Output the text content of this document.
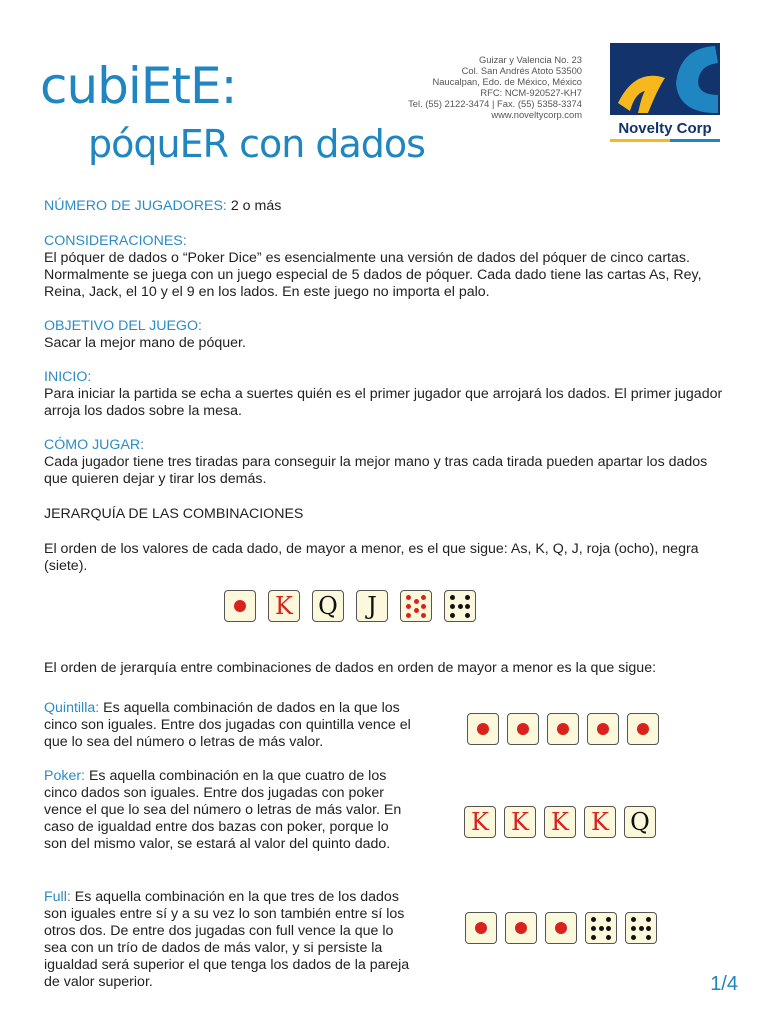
cubiEtE:
póquER con dados
Guizar y Valencia No. 23
Col. San Andrés Atoto 53500
Naucalpan, Edo. de México, México
RFC: NCM-920527-KH7
Tel. (55) 2122-3474 | Fax. (55) 5358-3374
www.noveltycorp.com
Novelty Corp
NÚMERO DE JUGADORES: 2 o más
CONSIDERACIONES:
El póquer de dados o “Poker Dice” es esencialmente una versión de dados del póquer de cinco cartas. Normalmente se juega con un juego especial de 5 dados de póquer. Cada dado tiene las cartas As, Rey, Reina, Jack, el 10 y el 9 en los lados. En este juego no importa el palo.
OBJETIVO DEL JUEGO:
Sacar la mejor mano de póquer.
INICIO:
Para iniciar la partida se echa a suertes quién es el primer jugador que arrojará los dados. El primer jugador arroja los dados sobre la mesa.
CÓMO JUGAR:
Cada jugador tiene tres tiradas para conseguir la mejor mano y tras cada tirada pueden apartar los dados que quieren dejar y tirar los demás.
JERARQUÍA DE LAS COMBINACIONES
El orden de los valores de cada dado, de mayor a menor, es el que sigue: As, K, Q, J, roja (ocho), negra (siete).
K Q	J
El orden de jerarquía entre combinaciones de dados en orden de mayor a menor es la que sigue:
Quintilla: Es aquella combinación de dados en la que los cinco son iguales. Entre dos jugadas con quintilla vence el que lo sea del número o letras de más valor.
Poker: Es aquella combinación en la que cuatro de los cinco dados son iguales. Entre dos jugadas con poker vence el que lo sea del número o letras de más valor. En caso de igualdad entre dos bazas con poker, porque lo son del mismo valor, se estará al valor del quinto dado.
K K K K Q
Full: Es aquella combinación en la que tres de los dados son iguales entre sí y a su vez lo son también entre sí los otros dos. De entre dos jugadas con full vence la que lo sea con un trío de dados de más valor, y si persiste la igualdad será superior el que tenga los dados de la pareja de valor superior.	1/4
